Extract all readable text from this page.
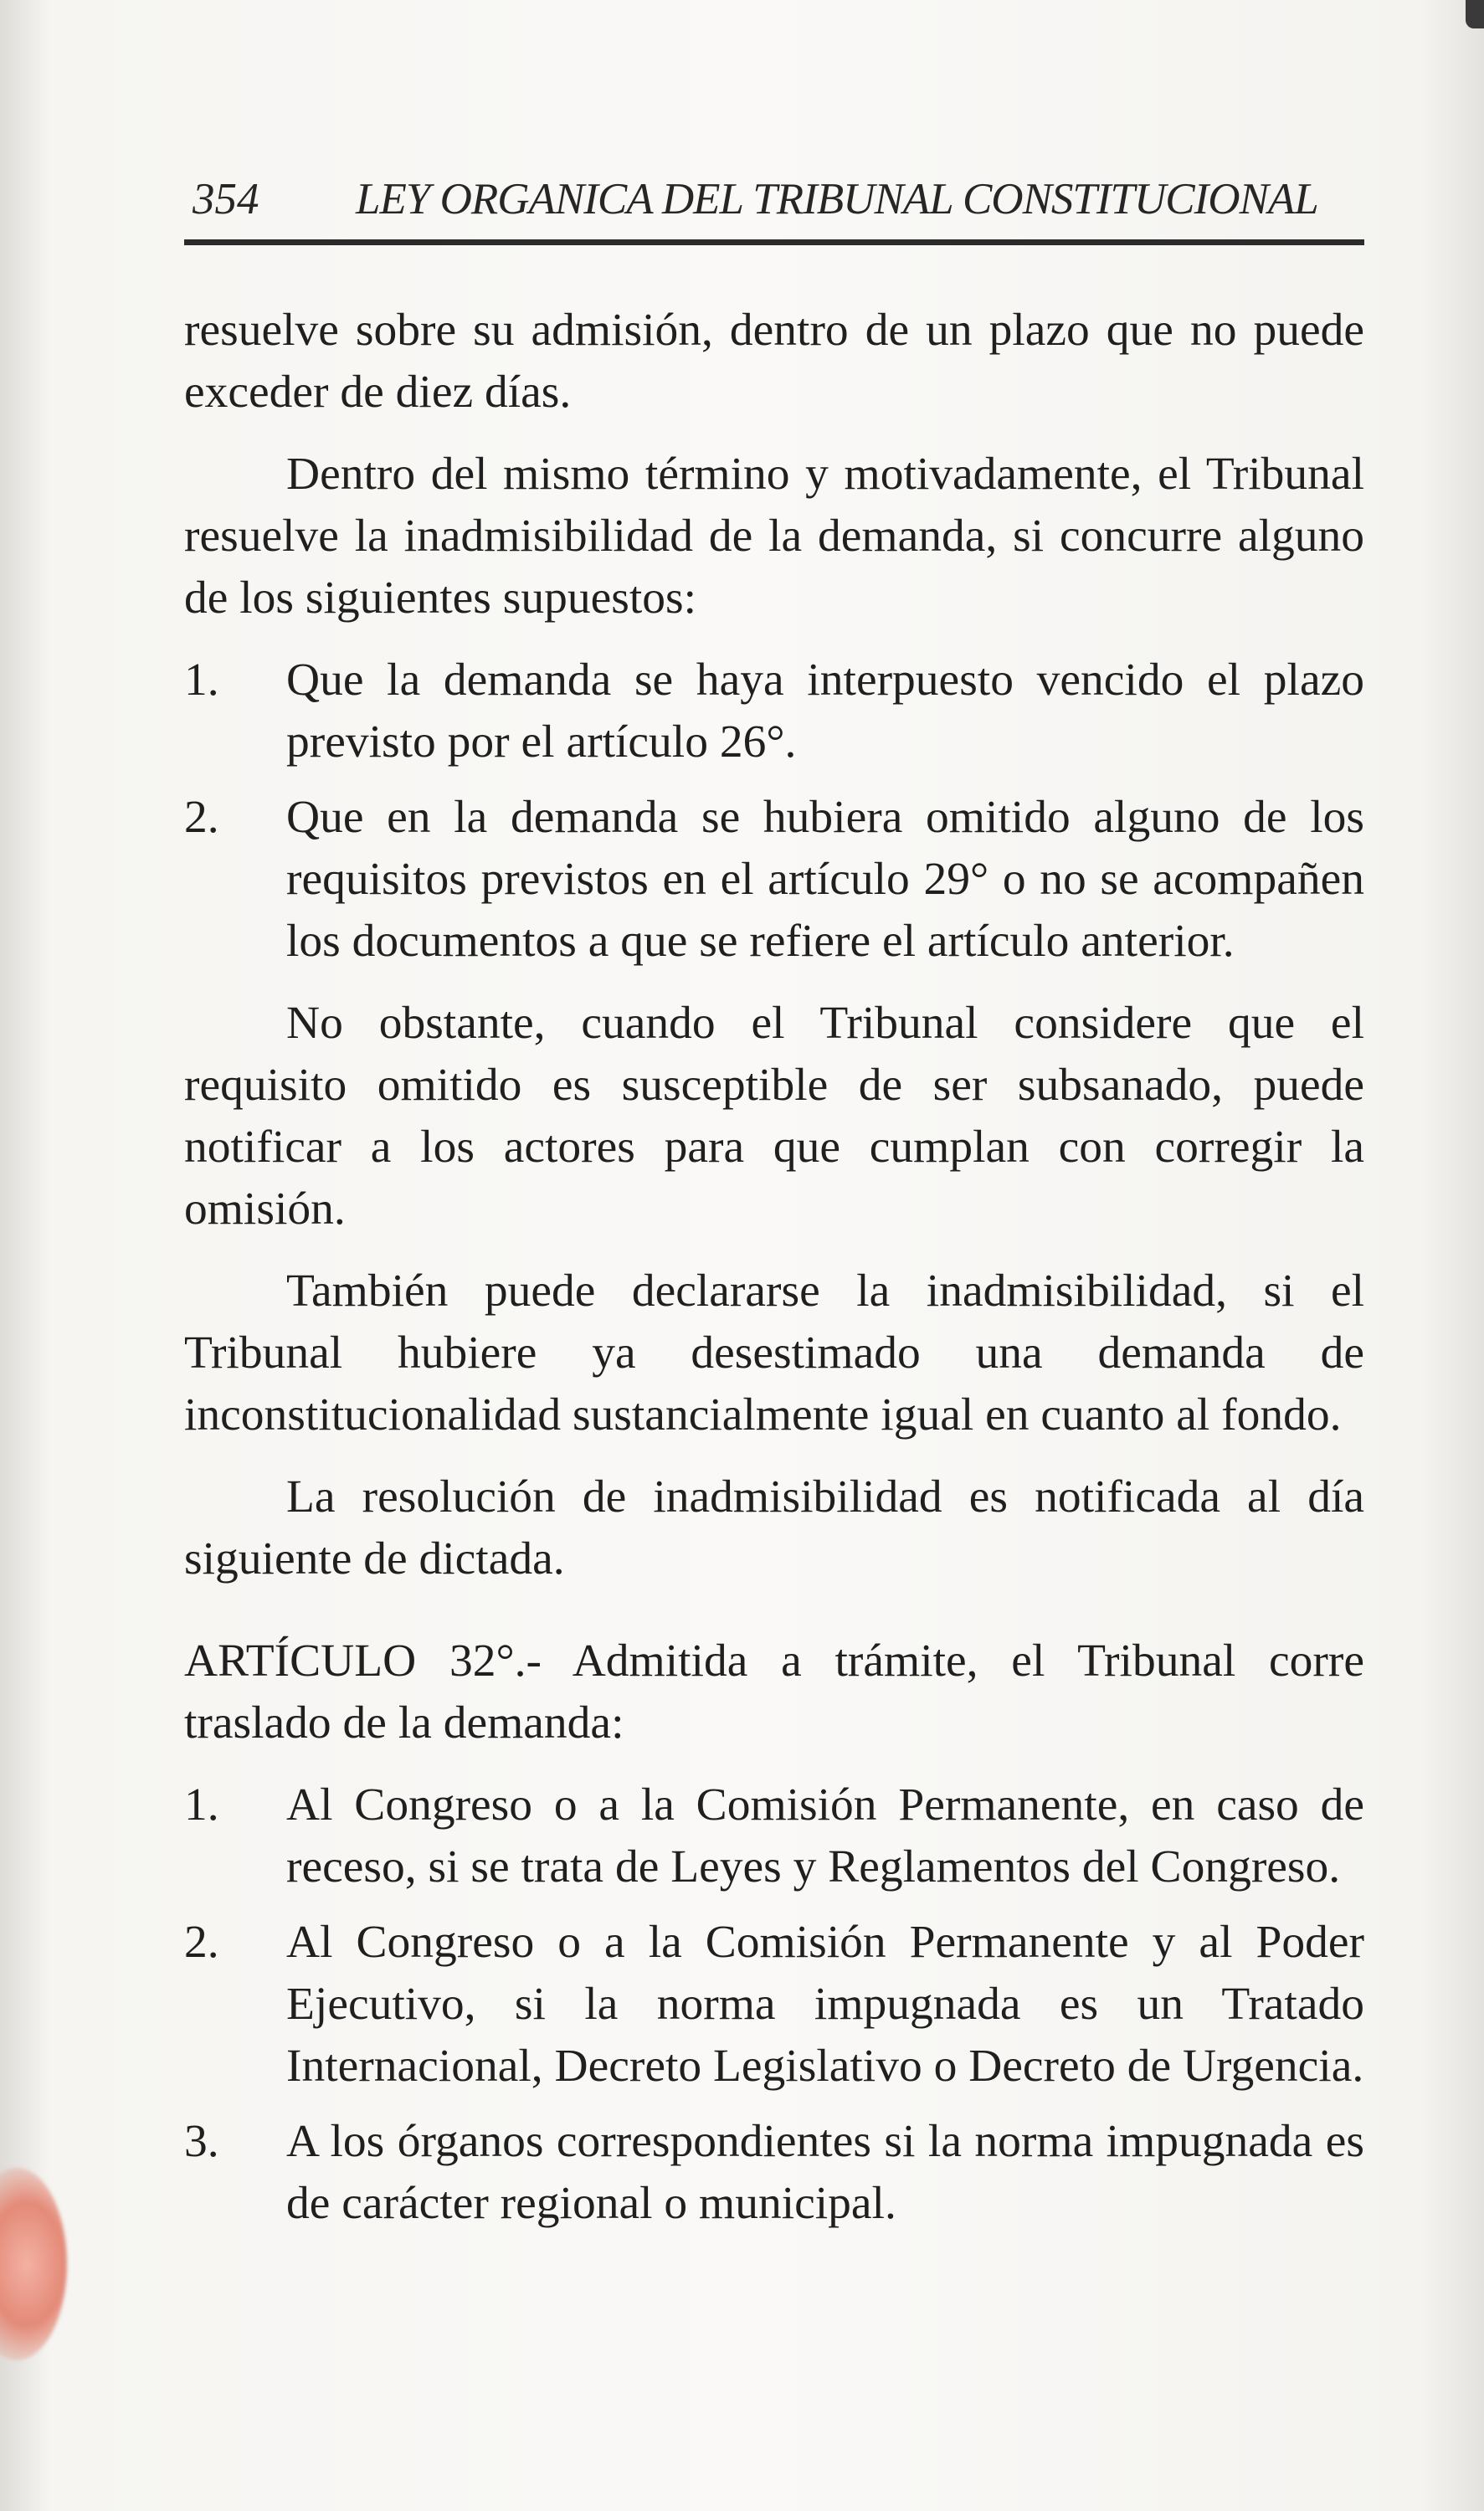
354 LEY ORGANICA DEL TRIBUNAL CONSTITUCIONAL

resuelve sobre su admisión, dentro de un plazo que no puede exceder de diez días.

Dentro del mismo término y motivadamente, el Tribunal resuelve la inadmisibilidad de la demanda, si concurre alguno de los siguientes supuestos:

1.	Que la demanda se haya interpuesto vencido el plazo previsto por el artículo 26°.
2.	Que en la demanda se hubiera omitido alguno de los requisitos previstos en el artículo 29° o no se acompañen los documentos a que se refiere el artículo anterior.

No obstante, cuando el Tribunal considere que el requisito omitido es susceptible de ser subsanado, puede notificar a los actores para que cumplan con corregir la omisión.

También puede declararse la inadmisibilidad, si el Tribunal hubiere ya desestimado una demanda de inconstitucionalidad sustancialmente igual en cuanto al fondo.

La resolución de inadmisibilidad es notificada al día siguiente de dictada.

ARTÍCULO 32°.- Admitida a trámite, el Tribunal corre traslado de la demanda:

1.	Al Congreso o a la Comisión Permanente, en caso de receso, si se trata de Leyes y Reglamentos del Congreso.
2.	Al Congreso o a la Comisión Permanente y al Poder Ejecutivo, si la norma impugnada es un Tratado Internacional, Decreto Legislativo o Decreto de Urgencia.
3.	A los órganos correspondientes si la norma impugnada es de carácter regional o municipal.
